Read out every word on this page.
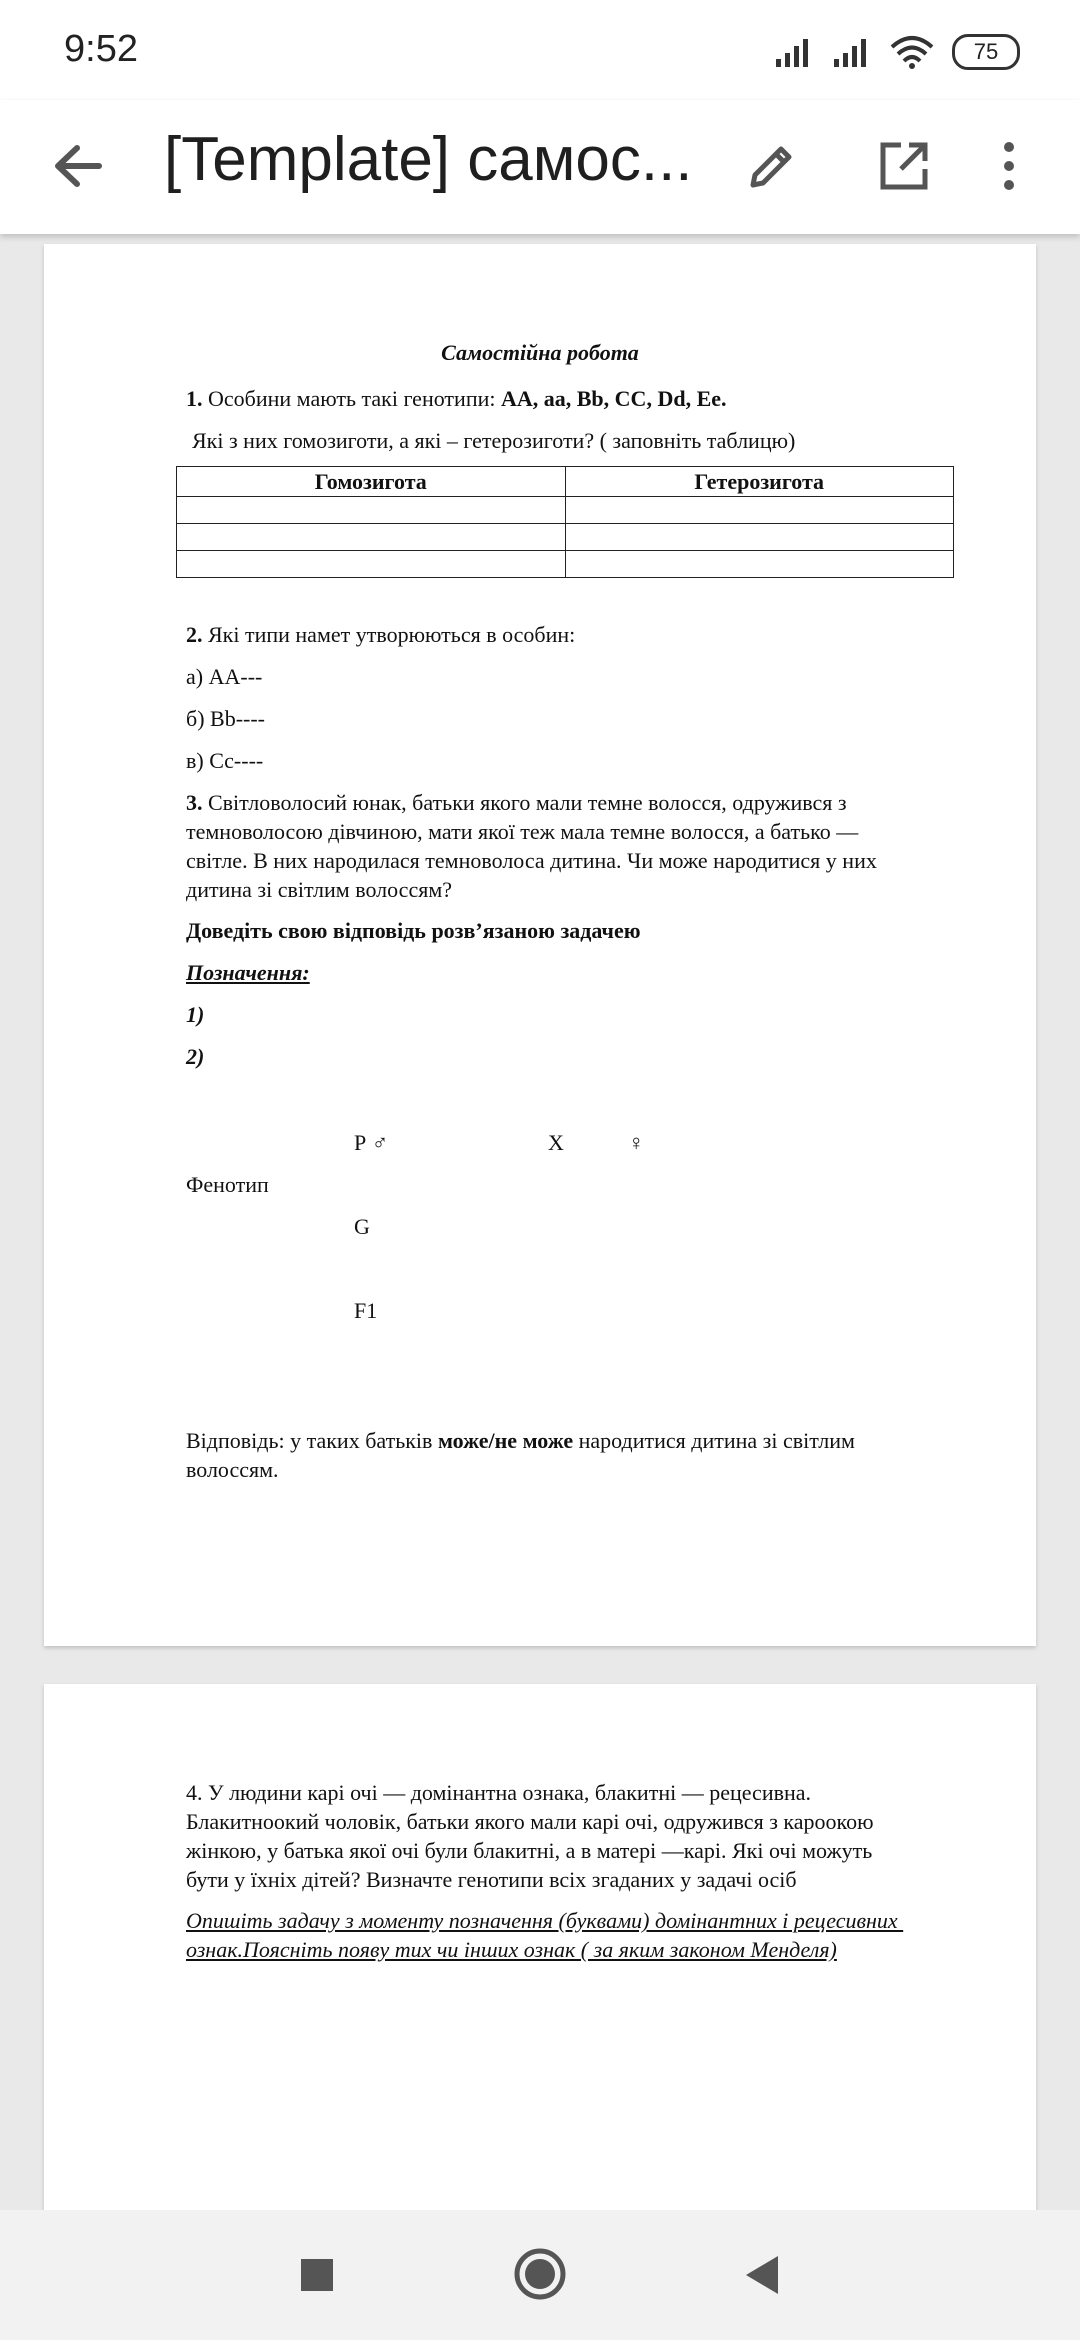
9:52	75
[Template] самос...
Самостійна робота
1. Особини мають такі генотипи: АА, аа, Вb, СС, Dd, Ее.
Які з них гомозиготи, а які – гетерозиготи? ( заповніть таблицю)
Гомозигота	Гетерозигота

2. Які типи намет утворюються в особин:
а) АА---
б) Вb----
в) Сс----
3. Світловолосий юнак, батьки якого мали темне волосся, одружився з
темноволосою дівчиною, мати якої теж мала темне волосся, а батько —
світле. В них народилася темноволоса дитина. Чи може народитися у них
дитина зі світлим волоссям?
Доведіть свою відповідь розв’язаною задачею
Позначення:
1)
2)
Р ♂	Х	♀
Фенотип
G
F1
Відповідь: у таких батьків може/не може народитися дитина зі світлим
волоссям.
4. У людини карі очі — домінантна ознака, блакитні — рецесивна.
Блакитноокий чоловік, батьки якого мали карі очі, одружився з кароокою
жінкою, у батька якої очі були блакитні, а в матері —карі. Які очі можуть
бути у їхніх дітей? Визначте генотипи всіх згаданих у задачі осіб
Опишіть задачу з моменту позначення (буквами) домінантних і рецесивних
ознак.Поясніть появу тих чи інших ознак ( за яким законом Менделя)
